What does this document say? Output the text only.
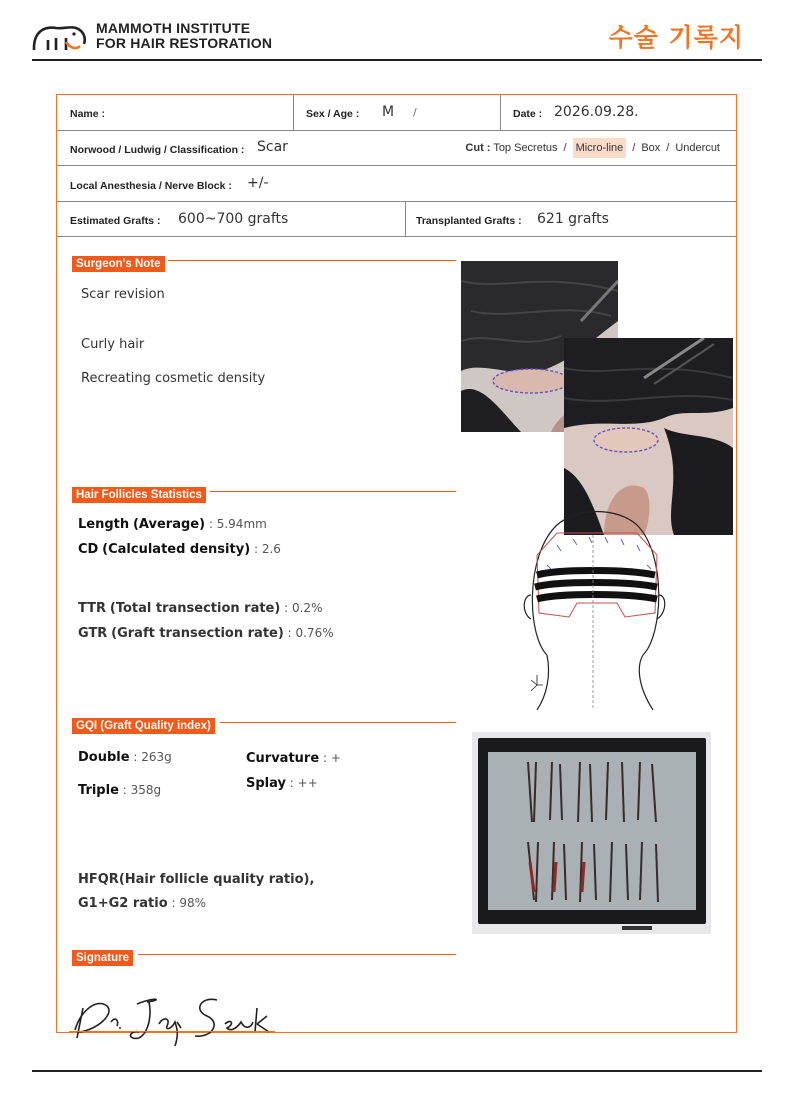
MAMMOTH INSTITUTE
FOR HAIR RESTORATION	수술 기록지
Name :	Sex / Age : M /	Date : 2026.09.28.
Norwood / Ludwig / Classification : Scar	Cut : Top Secretus / Micro-line / Box / Undercut
Local Anesthesia / Nerve Block : +/-
Estimated Grafts : 600~700 grafts	Transplanted Grafts : 621 grafts
Surgeon's Note
Scar revision
Curly hair
Recreating cosmetic density
Hair Follicles Statistics
Length (Average) : 5.94mm
CD (Calculated density) : 2.6
TTR (Total transection rate) : 0.2%
GTR (Graft transection rate) : 0.76%
GQI (Graft Quality index)
Double : 263g
Triple : 358g
Curvature : +
Splay : ++
HFQR(Hair follicle quality ratio),
G1+G2 ratio : 98%
Signature
